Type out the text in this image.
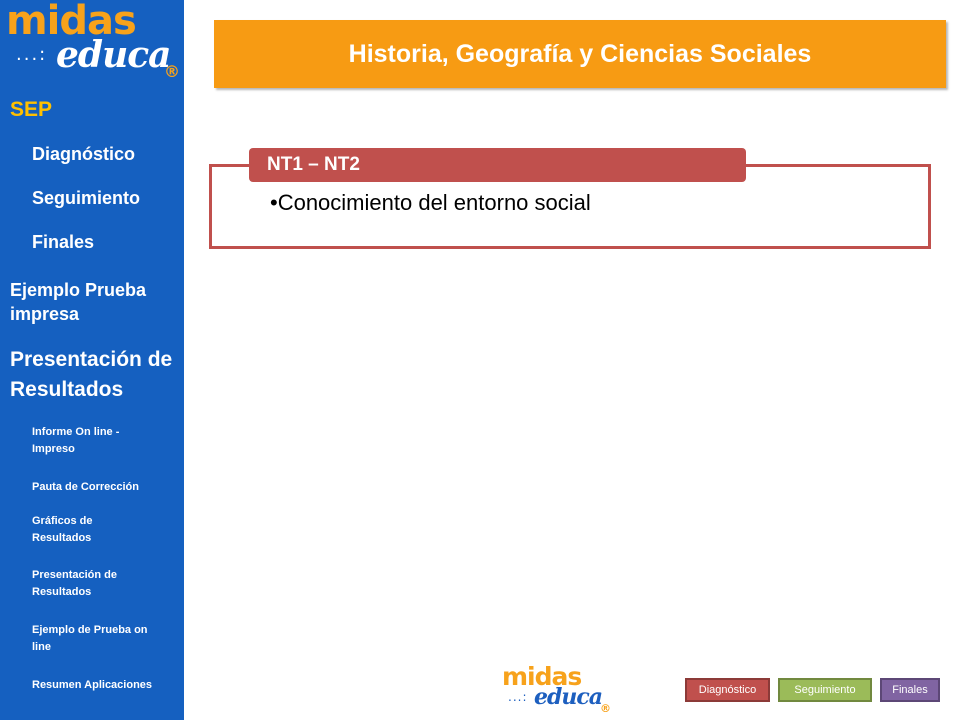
midas
...: educa
®
SEP
Diagnóstico
Seguimiento
Finales
Ejemplo Prueba impresa
Presentación de Resultados
Informe On line - Impreso
Pauta de Corrección
Gráficos de Resultados
Presentación de Resultados
Ejemplo de Prueba on line
Resumen Aplicaciones
Historia, Geografía y Ciencias Sociales
NT1 – NT2
•Conocimiento del entorno social
midas
...: educa
®
Diagnóstico	Seguimiento	Finales
